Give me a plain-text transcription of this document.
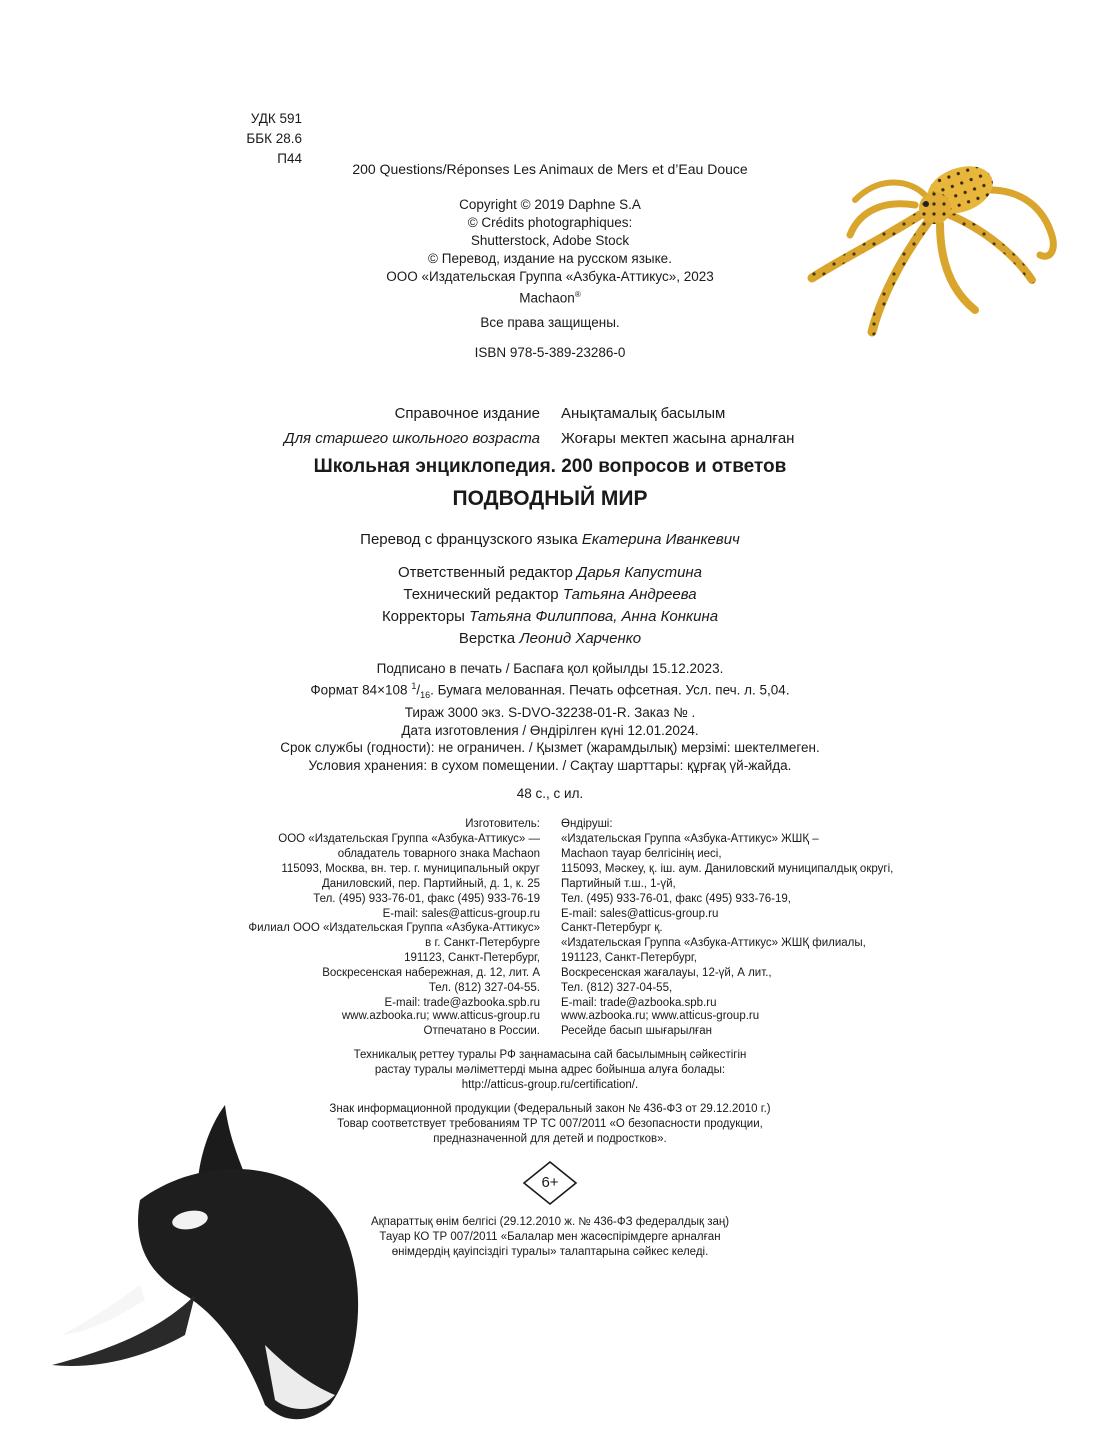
УДК 591
ББК 28.6
П44
200 Questions/Réponses Les Animaux de Mers et d’Eau Douce
Copyright © 2019 Daphne S.A
© Crédits photographiques:
Shutterstock, Adobe Stock
© Перевод, издание на русском языке.
ООО «Издательская Группа «Азбука-Аттикус», 2023
Machaon®
Все права защищены.
ISBN 978-5-389-23286-0
Справочное издание Анықтамалық басылым
Для старшего школьного возраста Жоғары мектеп жасына арналған
Школьная энциклопедия. 200 вопросов и ответов
ПОДВОДНЫЙ МИР
Перевод с французского языка Екатерина Иванкевич
Ответственный редактор Дарья Капустина
Технический редактор Татьяна Андреева
Корректоры Татьяна Филиппова, Анна Конкина
Верстка Леонид Харченко
Подписано в печать / Баспаға қол қойылды 15.12.2023.
Формат 84×108 $^1/_{16}$. Бумага мелованная. Печать офсетная. Усл. печ. л. 5,04.
Тираж 3000 экз. S-DVO-32238-01-R. Заказ № .
Дата изготовления / Өндірілген күні 12.01.2024.
Срок службы (годности): не ограничен. / Қызмет (жарамдылық) мерзімі: шектелмеген.
Условия хранения: в сухом помещении. / Сақтау шарттары: құрғақ үй-жайда.
48 с., с ил.
Изготовитель:
ООО «Издательская Группа «Азбука-Аттикус» —
обладатель товарного знака Machaon
115093, Москва, вн. тер. г. муниципальный округ
Даниловский, пер. Партийный, д. 1, к. 25
Тел. (495) 933-76-01, факс (495) 933-76-19
E-mail: sales@atticus-group.ru
Өндіруші:
«Издательская Группа «Азбука-Аттикус» ЖШҚ –
Machaon тауар белгісінің иесі,
115093, Мәскеу, қ. іш. аум. Даниловский муниципалдық округі,
Партийный т.ш., 1-үй,
Тел. (495) 933-76-01, факс (495) 933-76-19,
E-mail: sales@atticus-group.ru
Филиал ООО «Издательская Группа «Азбука-Аттикус»
в г. Санкт-Петербурге
191123, Санкт-Петербург,
Воскресенская набережная, д. 12, лит. А
Тел. (812) 327-04-55.
E-mail: trade@azbooka.spb.ru
Санкт-Петербург қ.
«Издательская Группа «Азбука-Аттикус» ЖШҚ филиалы,
191123, Санкт-Петербург,
Воскресенская жағалауы, 12-үй, А лит.,
Тел. (812) 327-04-55,
E-mail: trade@azbooka.spb.ru
www.azbooka.ru; www.atticus-group.ru
Отпечатано в России.
www.azbooka.ru; www.atticus-group.ru
Ресейде басып шығарылған
Техникалық реттеу туралы РФ заңнамасына сай басылымның сәйкестігін
растау туралы мәліметтерді мына адрес бойынша алуға болады:
http://atticus-group.ru/certification/.
Знак информационной продукции (Федеральный закон № 436-ФЗ от 29.12.2010 г.)
Товар соответствует требованиям ТР ТС 007/2011 «О безопасности продукции,
предназначенной для детей и подростков».
6+
Ақпараттық өнім белгісі (29.12.2010 ж. № 436-ФЗ федералдық заң)
Тауар КО ТР 007/2011 «Балалар мен жасөспірімдерге арналған
өнімдердің қауіпсіздігі туралы» талаптарына сәйкес келеді.
